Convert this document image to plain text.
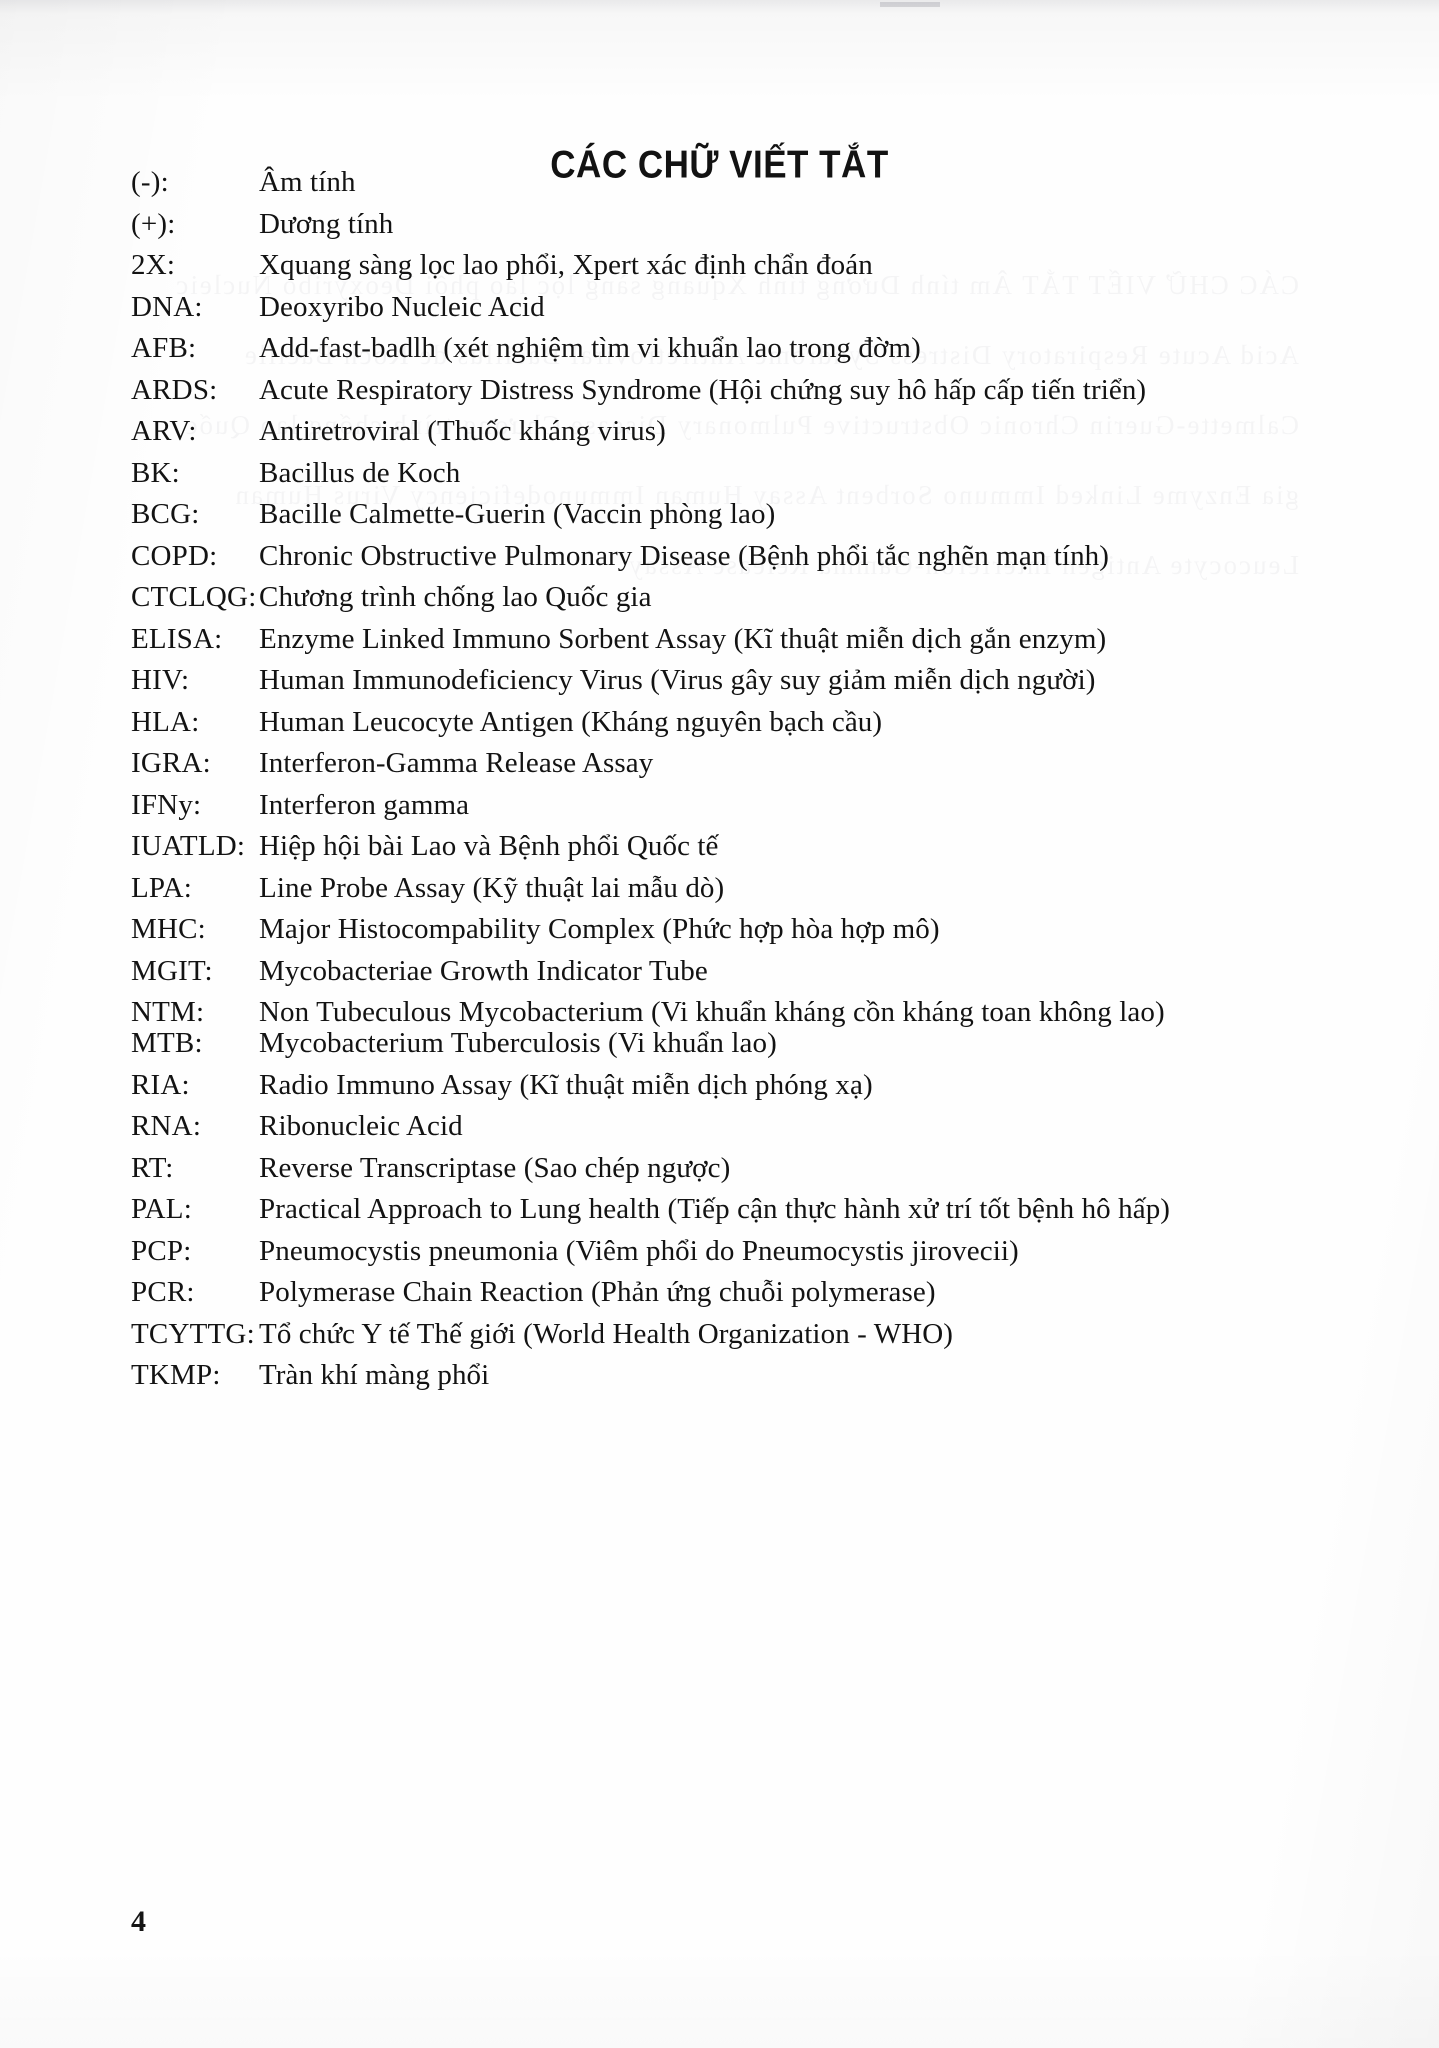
CÁC CHỮ VIẾT TẮT
(-):	Âm tính
(+):	Dương tính
2X:	Xquang sàng lọc lao phổi, Xpert xác định chẩn đoán
DNA:	Deoxyribo Nucleic Acid
AFB:	Add-fast-badlh (xét nghiệm tìm vi khuẩn lao trong đờm)
ARDS:	Acute Respiratory Distress Syndrome (Hội chứng suy hô hấp cấp tiến triển)
ARV:	Antiretroviral (Thuốc kháng virus)
BK:	Bacillus de Koch
BCG:	Bacille Calmette-Guerin (Vaccin phòng lao)
COPD:	Chronic Obstructive Pulmonary Disease (Bệnh phổi tắc nghẽn mạn tính)
CTCLQG: Chương trình chống lao Quốc gia
ELISA:	Enzyme Linked Immuno Sorbent Assay (Kĩ thuật miễn dịch gắn enzym)
HIV:	Human Immunodeficiency Virus (Virus gây suy giảm miễn dịch người)
HLA:	Human Leucocyte Antigen (Kháng nguyên bạch cầu)
IGRA:	Interferon-Gamma Release Assay
IFNy:	Interferon gamma
IUATLD: Hiệp hội bài Lao và Bệnh phổi Quốc tế
LPA:	Line Probe Assay (Kỹ thuật lai mẫu dò)
MHC:	Major Histocompability Complex (Phức hợp hòa hợp mô)
MGIT:	Mycobacteriae Growth Indicator Tube
NTM:	Non Tubeculous Mycobacterium (Vi khuẩn kháng cồn kháng toan không lao)
MTB:	Mycobacterium Tuberculosis (Vi khuẩn lao)
RIA:	Radio Immuno Assay (Kĩ thuật miễn dịch phóng xạ)
RNA:	Ribonucleic Acid
RT:	Reverse Transcriptase (Sao chép ngược)
PAL:	Practical Approach to Lung health (Tiếp cận thực hành xử trí tốt bệnh hô hấp)
PCP:	Pneumocystis pneumonia (Viêm phổi do Pneumocystis jirovecii)
PCR:	Polymerase Chain Reaction (Phản ứng chuỗi polymerase)
TCYTTG: Tổ chức Y tế Thế giới (World Health Organization - WHO)
TKMP:	Tràn khí màng phổi
4
